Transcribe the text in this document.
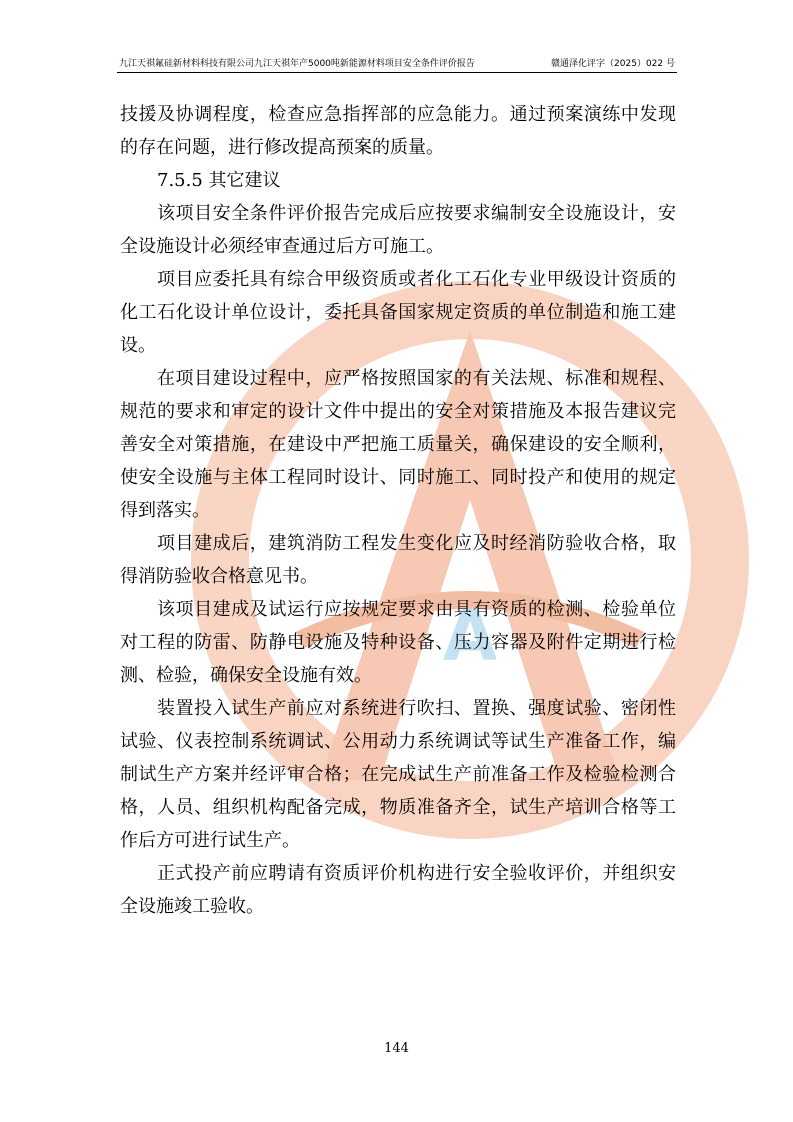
A
九江天祺氟硅新材料科技有限公司九江天祺年产5000吨新能源材料项目安全条件评价报告	赣通泽化评字（2025）022 号

技援及协调程度，检查应急指挥部的应急能力。通过预案演练中发现的存在问题，进行修改提高预案的质量。

7.5.5 其它建议

该项目安全条件评价报告完成后应按要求编制安全设施设计，安全设施设计必须经审查通过后方可施工。

项目应委托具有综合甲级资质或者化工石化专业甲级设计资质的化工石化设计单位设计，委托具备国家规定资质的单位制造和施工建设。

在项目建设过程中，应严格按照国家的有关法规、标准和规程、规范的要求和审定的设计文件中提出的安全对策措施及本报告建议完善安全对策措施，在建设中严把施工质量关，确保建设的安全顺利，使安全设施与主体工程同时设计、同时施工、同时投产和使用的规定得到落实。

项目建成后，建筑消防工程发生变化应及时经消防验收合格，取得消防验收合格意见书。

该项目建成及试运行应按规定要求由具有资质的检测、检验单位对工程的防雷、防静电设施及特种设备、压力容器及附件定期进行检测、检验，确保安全设施有效。

装置投入试生产前应对系统进行吹扫、置换、强度试验、密闭性试验、仪表控制系统调试、公用动力系统调试等试生产准备工作，编制试生产方案并经评审合格；在完成试生产前准备工作及检验检测合格，人员、组织机构配备完成，物质准备齐全，试生产培训合格等工作后方可进行试生产。

正式投产前应聘请有资质评价机构进行安全验收评价，并组织安全设施竣工验收。

144
